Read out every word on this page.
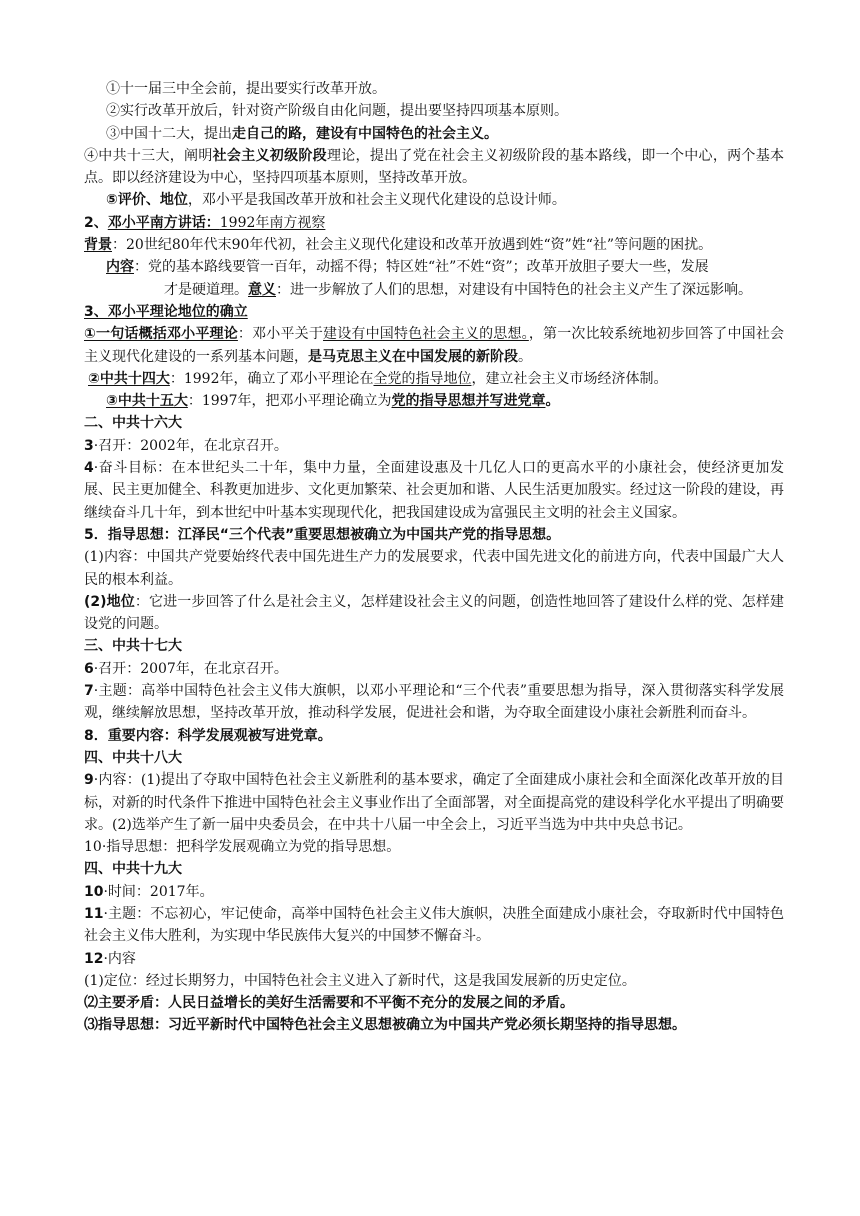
①十一届三中全会前，提出要实行改革开放。
②实行改革开放后，针对资产阶级自由化问题，提出要坚持四项基本原则。
③中国十二大，提出走自己的路，建设有中国特色的社会主义。
④中共十三大，阐明社会主义初级阶段理论，提出了党在社会主义初级阶段的基本路线，即一个中心，两个基本点。即以经济建设为中心，坚持四项基本原则，坚持改革开放。
⑤评价、地位，邓小平是我国改革开放和社会主义现代化建设的总设计师。
2、邓小平南方讲话：1992年南方视察
背景：20世纪80年代末90年代初，社会主义现代化建设和改革开放遇到姓“资”姓“社”等问题的困扰。
内容：党的基本路线要管一百年，动摇不得；特区姓“社”不姓“资”；改革开放胆子要大一些，发展
才是硬道理。意义：进一步解放了人们的思想，对建设有中国特色的社会主义产生了深远影响。
3、邓小平理论地位的确立
①一句话概括邓小平理论：邓小平关于建设有中国特色社会主义的思想。，第一次比较系统地初步回答了中国社会主义现代化建设的一系列基本问题，是马克思主义在中国发展的新阶段。
②中共十四大：1992年，确立了邓小平理论在全党的指导地位，建立社会主义市场经济体制。
③中共十五大：1997年，把邓小平理论确立为党的指导思想并写进党章。
二、中共十六大
3·召开：2002年，在北京召开。
4·奋斗目标：在本世纪头二十年，集中力量，全面建设惠及十几亿人口的更高水平的小康社会，使经济更加发展、民主更加健全、科教更加进步、文化更加繁荣、社会更加和谐、人民生活更加殷实。经过这一阶段的建设，再继续奋斗几十年，到本世纪中叶基本实现现代化，把我国建设成为富强民主文明的社会主义国家。
5．指导思想：江泽民“三个代表”重要思想被确立为中国共产党的指导思想。
(1)内容：中国共产党要始终代表中国先进生产力的发展要求，代表中国先进文化的前进方向，代表中国最广大人民的根本利益。
(2)地位：它进一步回答了什么是社会主义，怎样建设社会主义的问题，创造性地回答了建设什么样的党、怎样建设党的问题。
三、中共十七大
6·召开：2007年，在北京召开。
7·主题：高举中国特色社会主义伟大旗帜，以邓小平理论和“三个代表”重要思想为指导，深入贯彻落实科学发展观，继续解放思想，坚持改革开放，推动科学发展，促进社会和谐，为夺取全面建设小康社会新胜利而奋斗。
8．重要内容：科学发展观被写进党章。
四、中共十八大
9·内容：(1)提出了夺取中国特色社会主义新胜利的基本要求，确定了全面建成小康社会和全面深化改革开放的目标，对新的时代条件下推进中国特色社会主义事业作出了全面部署，对全面提高党的建设科学化水平提出了明确要求。(2)选举产生了新一届中央委员会，在中共十八届一中全会上，习近平当选为中共中央总书记。
10·指导思想：把科学发展观确立为党的指导思想。
四、中共十九大
10·时间：2017年。
11·主题：不忘初心，牢记使命，高举中国特色社会主义伟大旗帜，决胜全面建成小康社会，夺取新时代中国特色社会主义伟大胜利，为实现中华民族伟大复兴的中国梦不懈奋斗。
12·内容
(1)定位：经过长期努力，中国特色社会主义进入了新时代，这是我国发展新的历史定位。
⑵主要矛盾：人民日益增长的美好生活需要和不平衡不充分的发展之间的矛盾。
⑶指导思想：习近平新时代中国特色社会主义思想被确立为中国共产党必须长期坚持的指导思想。
